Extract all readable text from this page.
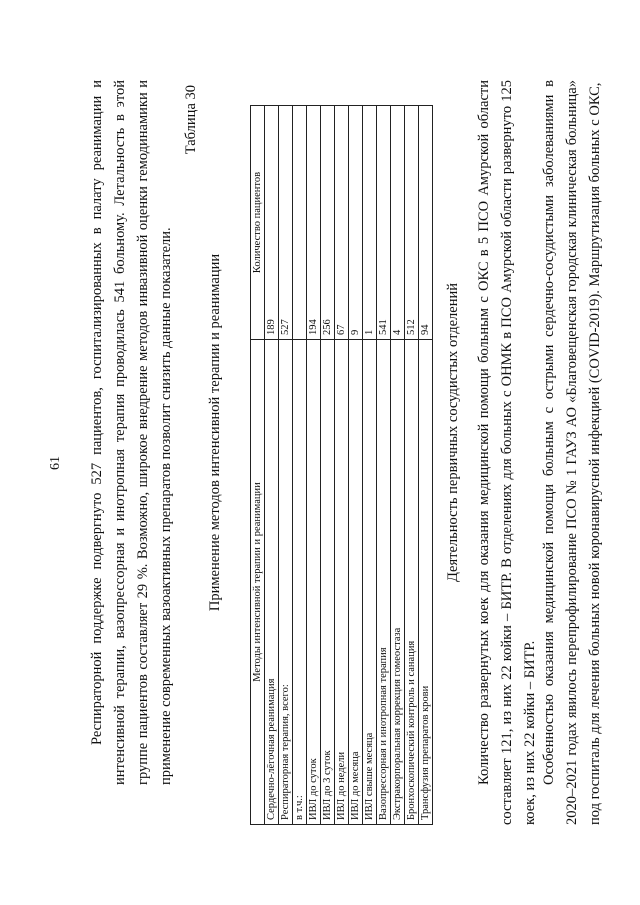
61 Респираторной поддержке подвергнуто 527 пациентов, госпитализированных в палату реанимации и интенсивной терапии, вазопрессорная и инотропная терапия проводилась 541 больному. Летальность в этой группе пациентов составляет 29 %. Возможно, широкое внедрение методов инвазивной оценки гемодинамики и применение современных вазоактивных препаратов позволит снизить данные показатели.

Таблица 30
Применение методов интенсивной терапии и реанимации	Методы интенсивной терапии и реанимации	Количество пациентов
Сердечно-лёгочная реанимация	189
Респираторная терапия, всего:	527
в т.ч.:	
ИВЛ до суток	194
ИВЛ до 3 суток	256
ИВЛ до недели	67
ИВЛ до месяца	9
ИВЛ свыше месяца	1
Вазопрессорная и инотропная терапия	541
Экстракорпоральная коррекция гомеостаза	4
Бронхоскопический контроль и санация	512
Трансфузия препаратов крови	94 Деятельность первичных сосудистых отделений Количество развернутых коек для оказания медицинской помощи больным с ОКС в 5 ПСО Амурской области составляет 121, из них 22 койки – БИТР. В отделениях для больных с ОНМК в ПСО Амурской области развернуто 125 коек, из них 22 койки – БИТР. Особенностью оказания медицинской помощи больным с острыми сердечно-сосудистыми заболеваниями в 2020–2021 годах явилось перепрофилирование ПСО № 1 ГАУЗ АО «Благовещенская городская клиническая больница» под госпиталь для лечения больных новой коронавирусной инфекцией (COVID-2019). Маршрутизация больных с ОКС,
